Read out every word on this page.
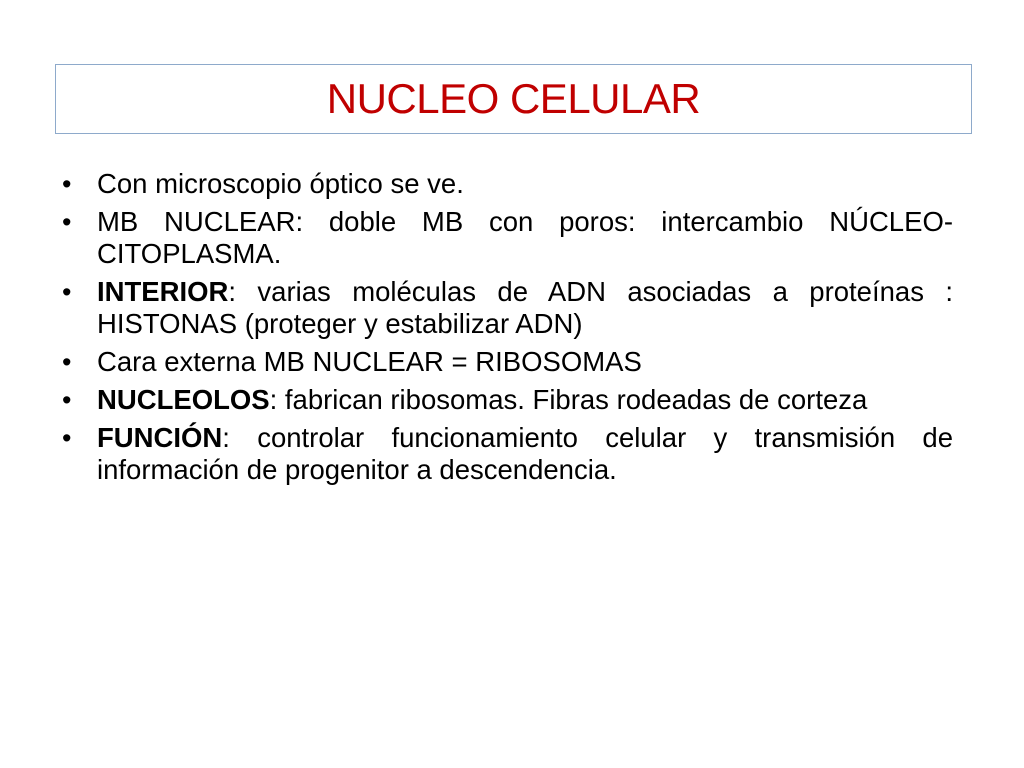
NUCLEO CELULAR
• Con microscopio óptico se ve.
• MB NUCLEAR: doble MB con poros: intercambio NÚCLEO-CITOPLASMA.
• INTERIOR: varias moléculas de ADN asociadas a proteínas : HISTONAS (proteger y estabilizar ADN)
• Cara externa MB NUCLEAR = RIBOSOMAS
• NUCLEOLOS: fabrican ribosomas. Fibras rodeadas de corteza
• FUNCIÓN: controlar funcionamiento celular y transmisión de información de progenitor a descendencia.
